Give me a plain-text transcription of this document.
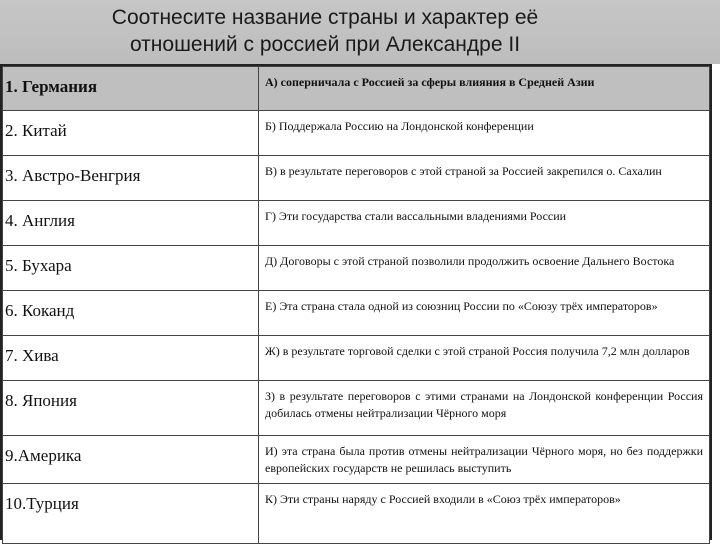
Соотнесите название страны и характер её
отношений с россией при Александре II
1. Германия	А) соперничала с Россией за сферы влияния в Средней Азии
2. Китай	Б) Поддержала Россию на Лондонской конференции
3. Австро-Венгрия	В) в результате переговоров с этой страной за Россией закрепился о. Сахалин
4. Англия	Г) Эти государства стали вассальными владениями России
5. Бухара	Д) Договоры с этой страной позволили продолжить освоение Дальнего Востока
6. Коканд	Е) Эта страна стала одной из союзниц России по «Союзу трёх императоров»
7. Хива	Ж) в результате торговой сделки с этой страной Россия получила 7,2 млн долларов
8. Япония	З) в результате переговоров с этими странами на Лондонской конференции Россия добилась отмены нейтрализации Чёрного моря
9.Америка	И) эта страна была против отмены нейтрализации Чёрного моря, но без поддержки европейских государств не решилась выступить
10.Турция	К) Эти страны наряду с Россией входили в «Союз трёх императоров»
